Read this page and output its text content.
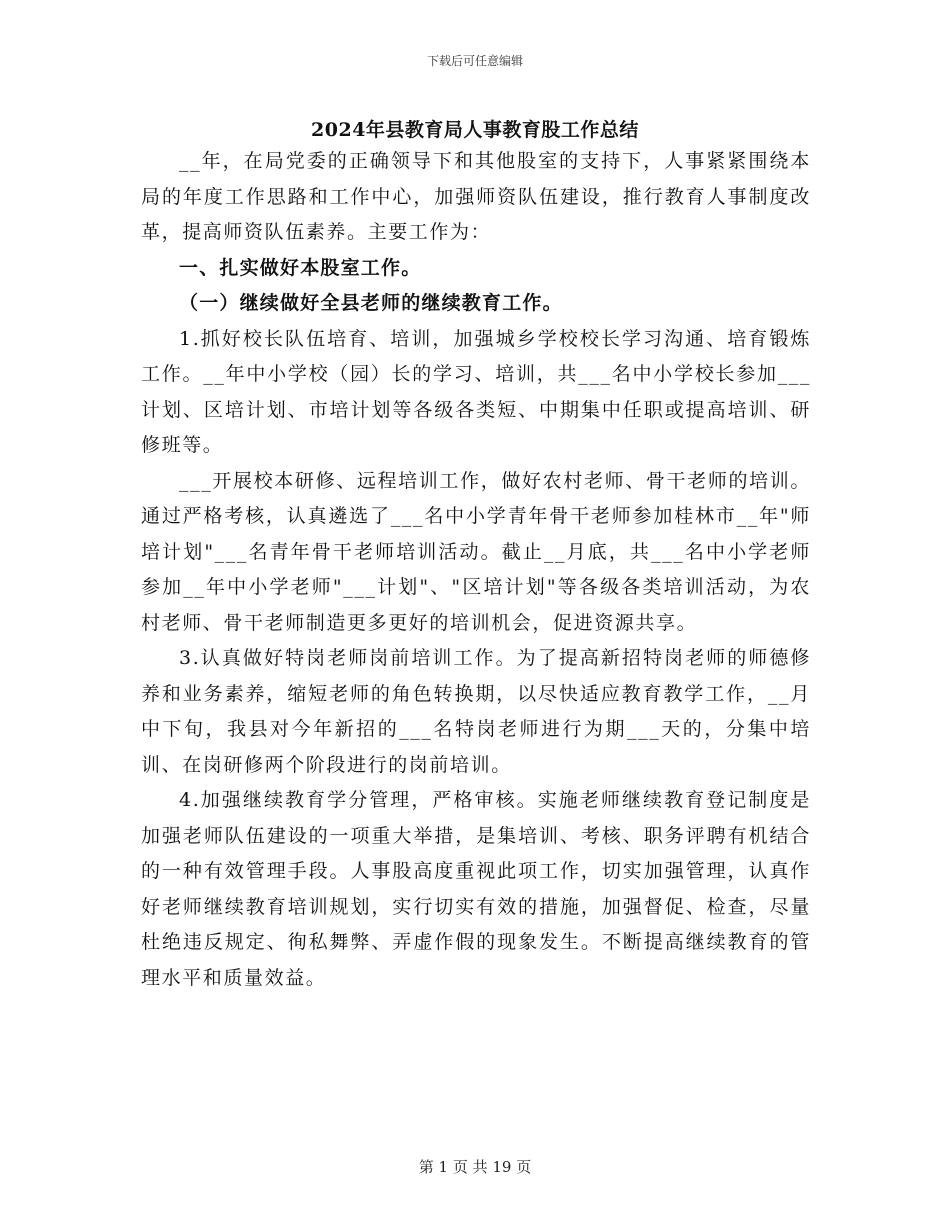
下载后可任意编辑
2024年县教育局人事教育股工作总结

__年，在局党委的正确领导下和其他股室的支持下，人事紧紧围绕本局的年度工作思路和工作中心，加强师资队伍建设，推行教育人事制度改革，提高师资队伍素养。主要工作为：

一、扎实做好本股室工作。

（一）继续做好全县老师的继续教育工作。

1.抓好校长队伍培育、培训，加强城乡学校校长学习沟通、培育锻炼工作。__年中小学校（园）长的学习、培训，共___名中小学校长参加___计划、区培计划、市培计划等各级各类短、中期集中任职或提高培训、研修班等。

___开展校本研修、远程培训工作，做好农村老师、骨干老师的培训。通过严格考核，认真遴选了___名中小学青年骨干老师参加桂林市__年"师培计划"___名青年骨干老师培训活动。截止__月底，共___名中小学老师参加__年中小学老师"___计划"、"区培计划"等各级各类培训活动，为农村老师、骨干老师制造更多更好的培训机会，促进资源共享。

3.认真做好特岗老师岗前培训工作。为了提高新招特岗老师的师德修养和业务素养，缩短老师的角色转换期，以尽快适应教育教学工作，__月中下旬，我县对今年新招的___名特岗老师进行为期___天的，分集中培训、在岗研修两个阶段进行的岗前培训。

4.加强继续教育学分管理，严格审核。实施老师继续教育登记制度是加强老师队伍建设的一项重大举措，是集培训、考核、职务评聘有机结合的一种有效管理手段。人事股高度重视此项工作，切实加强管理，认真作好老师继续教育培训规划，实行切实有效的措施，加强督促、检查，尽量杜绝违反规定、徇私舞弊、弄虚作假的现象发生。不断提高继续教育的管理水平和质量效益。

第 1 页 共 19 页
